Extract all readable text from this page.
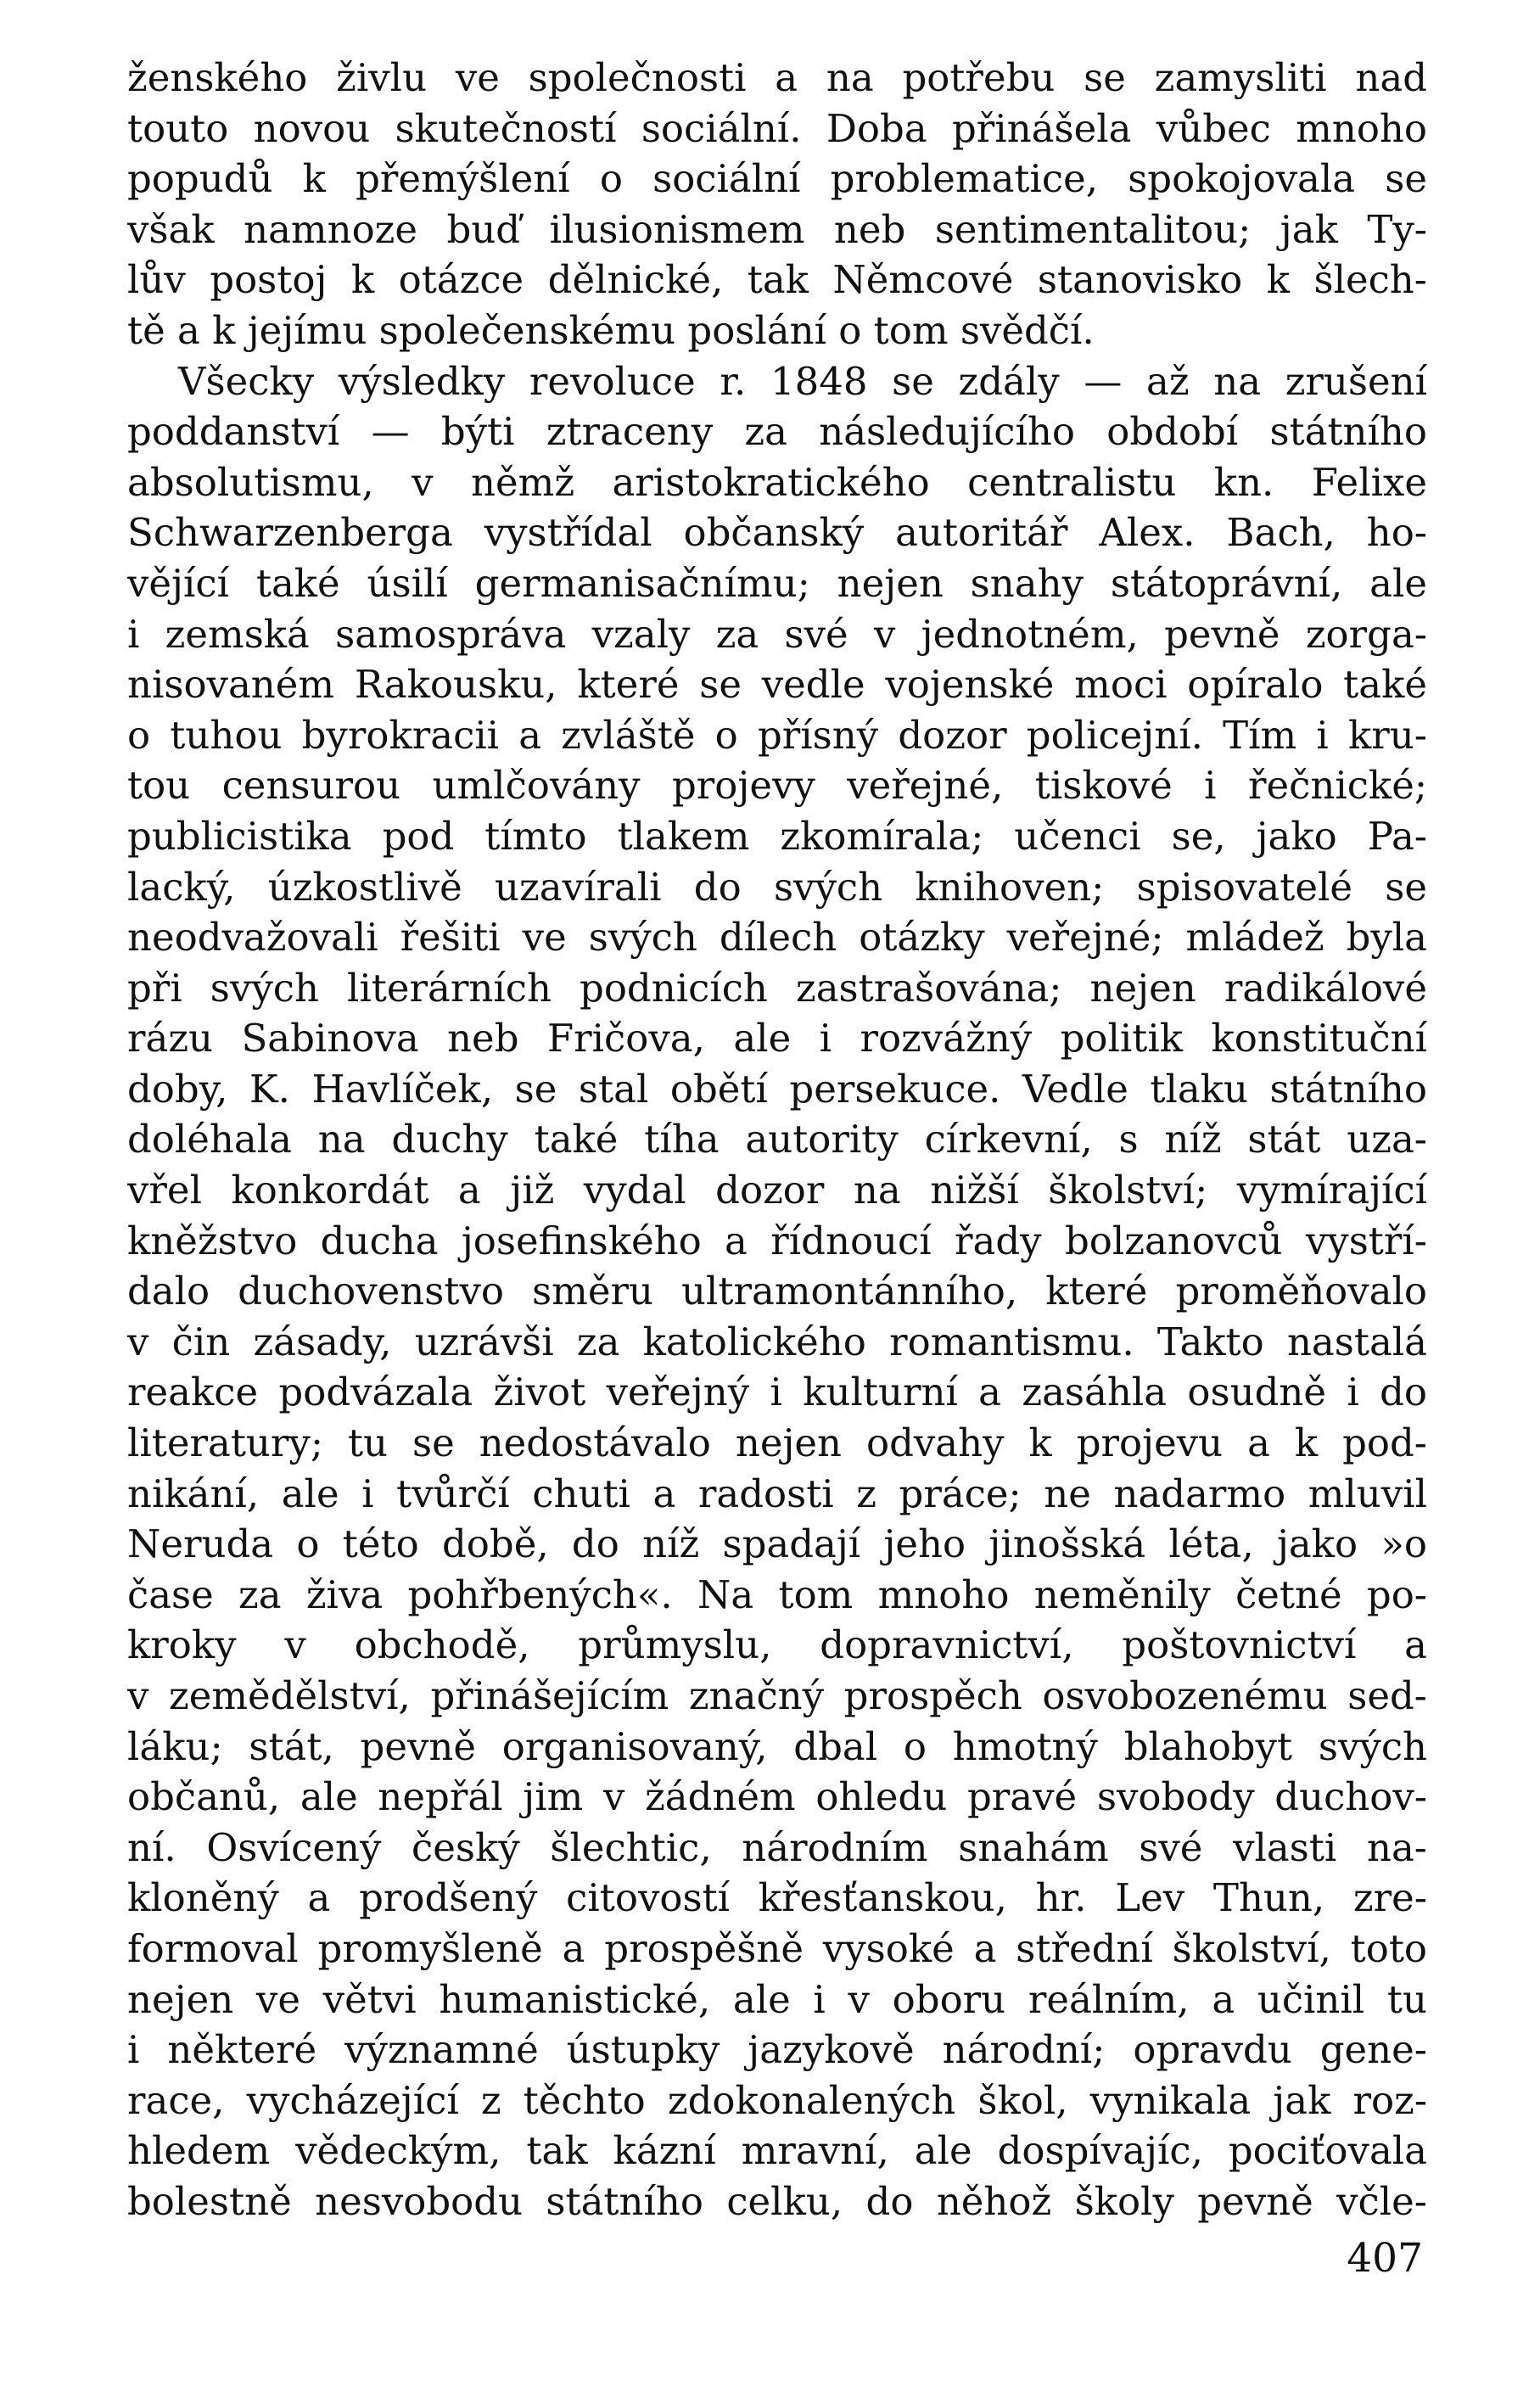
ženského živlu ve společnosti a na potřebu se zamysliti nad
touto novou skutečností sociální. Doba přinášela vůbec mnoho
popudů k přemýšlení o sociální problematice, spokojovala se
však namnoze buď ilusionismem neb sentimentalitou; jak Ty-
lův postoj k otázce dělnické, tak Němcové stanovisko k šlech-
tě a k jejímu společenskému poslání o tom svědčí.
Všecky výsledky revoluce r. 1848 se zdály — až na zrušení
poddanství — býti ztraceny za následujícího období státního
absolutismu, v němž aristokratického centralistu kn. Felixe
Schwarzenberga vystřídal občanský autoritář Alex. Bach, ho-
vějící také úsilí germanisačnímu; nejen snahy státoprávní, ale
i zemská samospráva vzaly za své v jednotném, pevně zorga-
nisovaném Rakousku, které se vedle vojenské moci opíralo také
o tuhou byrokracii a zvláště o přísný dozor policejní. Tím i kru-
tou censurou umlčovány projevy veřejné, tiskové i řečnické;
publicistika pod tímto tlakem zkomírala; učenci se, jako Pa-
lacký, úzkostlivě uzavírali do svých knihoven; spisovatelé se
neodvažovali řešiti ve svých dílech otázky veřejné; mládež byla
při svých literárních podnicích zastrašována; nejen radikálové
rázu Sabinova neb Fričova, ale i rozvážný politik konstituční
doby, K. Havlíček, se stal obětí persekuce. Vedle tlaku státního
doléhala na duchy také tíha autority církevní, s níž stát uza-
vřel konkordát a již vydal dozor na nižší školství; vymírající
kněžstvo ducha josefinského a řídnoucí řady bolzanovců vystří-
dalo duchovenstvo směru ultramontánního, které proměňovalo
v čin zásady, uzrávši za katolického romantismu. Takto nastalá
reakce podvázala život veřejný i kulturní a zasáhla osudně i do
literatury; tu se nedostávalo nejen odvahy k projevu a k pod-
nikání, ale i tvůrčí chuti a radosti z práce; ne nadarmo mluvil
Neruda o této době, do níž spadají jeho jinošská léta, jako »o
čase za živa pohřbených«. Na tom mnoho neměnily četné po-
kroky v obchodě, průmyslu, dopravnictví, poštovnictví a
v zemědělství, přinášejícím značný prospěch osvobozenému sed-
láku; stát, pevně organisovaný, dbal o hmotný blahobyt svých
občanů, ale nepřál jim v žádném ohledu pravé svobody duchov-
ní. Osvícený český šlechtic, národním snahám své vlasti na-
kloněný a prodšený citovostí křesťanskou, hr. Lev Thun, zre-
formoval promyšleně a prospěšně vysoké a střední školství, toto
nejen ve větvi humanistické, ale i v oboru reálním, a učinil tu
i některé významné ústupky jazykově národní; opravdu gene-
race, vycházející z těchto zdokonalených škol, vynikala jak roz-
hledem vědeckým, tak kázní mravní, ale dospívajíc, pociťovala
bolestně nesvobodu státního celku, do něhož školy pevně včle-
407
